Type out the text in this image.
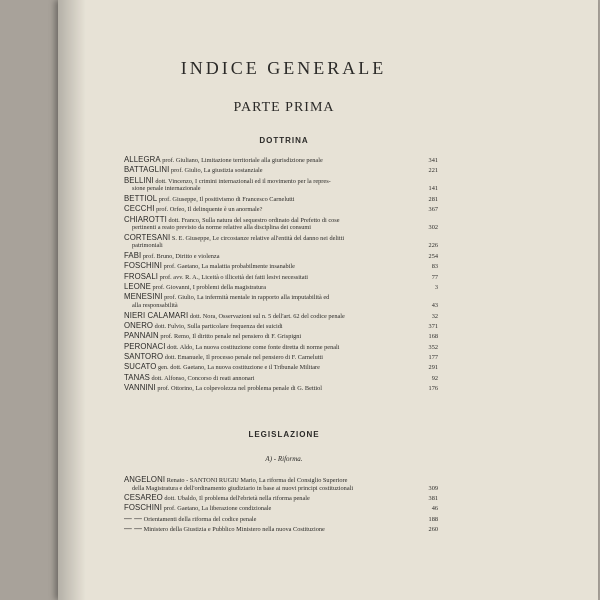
INDICE GENERALE
PARTE PRIMA
DOTTRINA
ALLEGRA prof. Giuliano, Limitazione territoriale alla giurisdizione penale	341
BATTAGLINI prof. Giulio, La giustizia sostanziale	221
BELLINI dott. Vincenzo, I crimini internazionali ed il movimento per la repres-
sione penale internazionale	141
BETTIOL prof. Giuseppe, Il positivismo di Francesco Carnelutti	281
CECCHI prof. Orfeo, Il delinquente è un anormale?	367
CHIAROTTI dott. Franco, Sulla natura del sequestro ordinato dal Prefetto di cose
pertinenti a reato previsto da norme relative alla disciplina dei consumi	302
CORTESANI S. E. Giuseppe, Le circostanze relative all'entità del danno nei delitti
patrimoniali	226
FABI prof. Bruno, Diritto e violenza	254
FOSCHINI prof. Gaetano, La malattia probabilmente insanabile	83
FROSALI prof. avv. R. A., Liceità o illiceità dei fatti lesivi necessitati	77
LEONE prof. Giovanni, I problemi della magistratura	3
MENESINI prof. Giulio, La infermità mentale in rapporto alla imputabilità ed
alla responsabilità	43
NIERI CALAMARI dott. Nora, Osservazioni sul n. 5 dell'art. 62 del codice penale	32
ONERO dott. Fulvio, Sulla particolare frequenza dei suicidi	371
PANNAIN prof. Remo, Il diritto penale nel pensiero di F. Grispigni	168
PERONACI dott. Aldo, La nuova costituzione come fonte diretta di norme penali	352
SANTORO dott. Emanuele, Il processo penale nel pensiero di F. Carnelutti	177
SUCATO gen. dott. Gaetano, La nuova costituzione e il Tribunale Militare	291
TANAS dott. Alfonso, Concorso di reati annonari	92
VANNINI prof. Ottorino, La colpevolezza nel problema penale di G. Bettiol	176
LEGISLAZIONE
A) - Riforma.
ANGELONI Renato - SANTONI RUGIU Mario, La riforma del Consiglio Superiore
della Magistratura e dell'ordinamento giudiziario in base ai nuovi principi costituzionali	309
CESAREO dott. Ubaldo, Il problema dell'ebrietà nella riforma penale	381
FOSCHINI prof. Gaetano, La liberazione condizionale	46
— — Orientamenti della riforma del codice penale	188
— — Ministero della Giustizia e Pubblico Ministero nella nuova Costituzione	260
